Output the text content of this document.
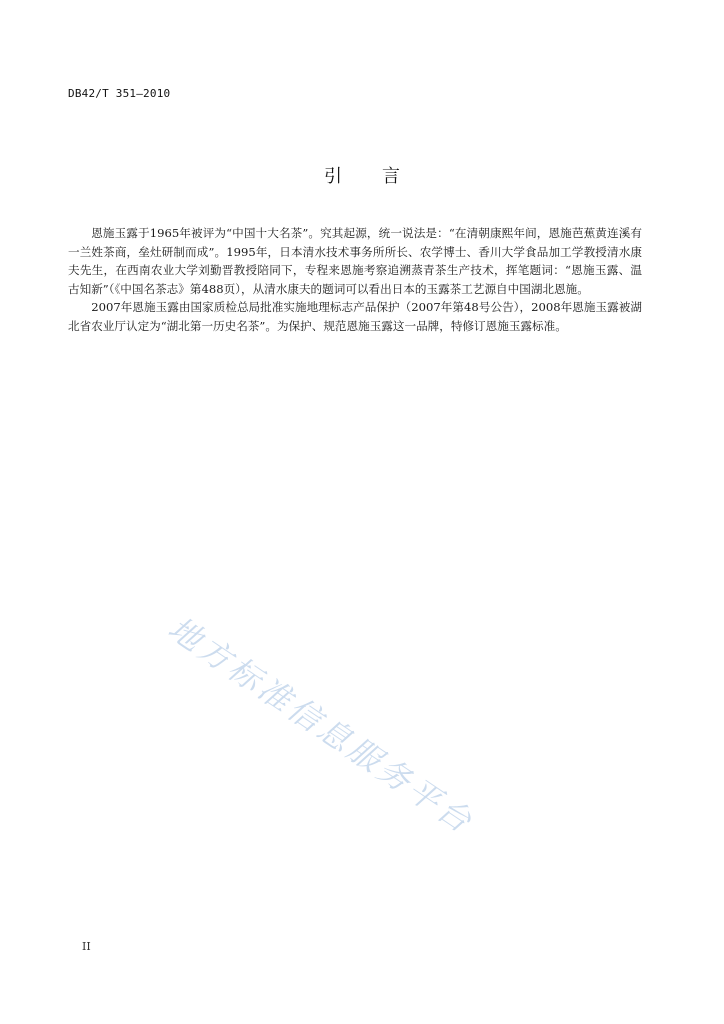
DB42/T 351—2010
引 言

恩施玉露于1965年被评为“中国十大名茶”。究其起源，统一说法是：“在清朝康熙年间，恩施芭蕉黄连溪有一兰姓茶商，垒灶研制而成”。1995年，日本清水技术事务所所长、农学博士、香川大学食品加工学教授清水康夫先生，在西南农业大学刘勤晋教授陪同下，专程来恩施考察追溯蒸青茶生产技术，挥笔题词：“恩施玉露、温古知新”（《中国名茶志》第488页），从清水康夫的题词可以看出日本的玉露茶工艺源自中国湖北恩施。

2007年恩施玉露由国家质检总局批准实施地理标志产品保护（2007年第48号公告），2008年恩施玉露被湖北省农业厅认定为“湖北第一历史名茶”。为保护、规范恩施玉露这一品牌，特修订恩施玉露标准。

地方标准信息服务平台
II
